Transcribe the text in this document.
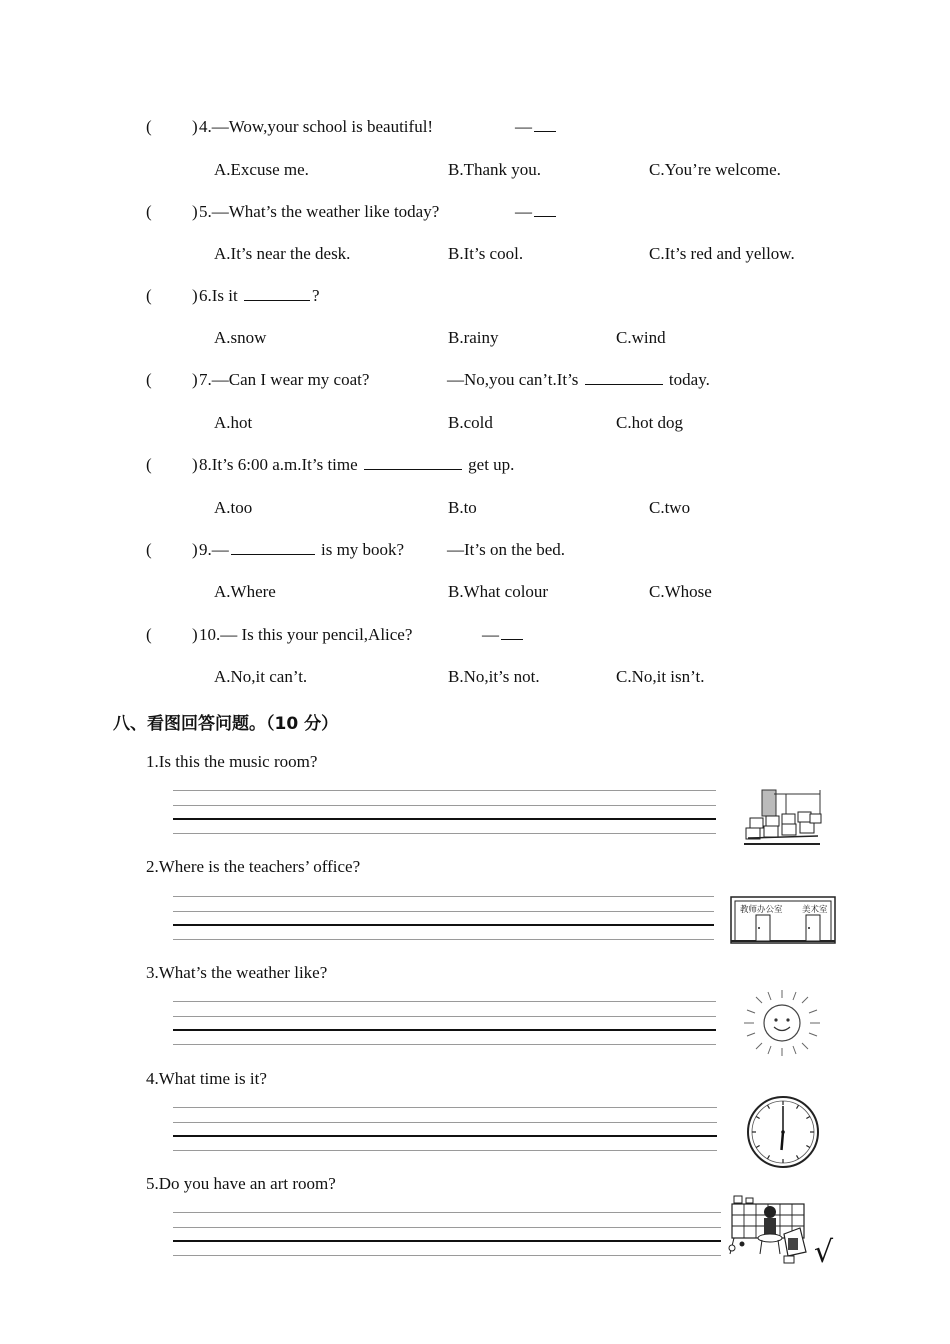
( ) 4.—Wow,your school is beautiful!	—
A.Excuse me.	B.Thank you.	C.You’re welcome.
( ) 5.—What’s the weather like today?	—
A.It’s near the desk.	B.It’s cool.	C.It’s red and yellow.
( ) 6.Is it	?
A.snow	B.rainy	C.wind
( ) 7.—Can I wear my coat?	—No,you can’t.It’s	today.
A.hot	B.cold	C.hot dog
( ) 8.It’s 6:00 a.m.It’s time	get up.
A.too	B.to	C.two
( ) 9.—	is my book?	—It’s on the bed.
A.Where	B.What colour	C.Whose
( ) 10.— Is this your pencil,Alice?	—
A.No,it can’t.	B.No,it’s not.	C.No,it isn’t.
八、看图回答问题。（10 分）
1.Is this the music room?
2.Where is the teachers’ office?
3.What’s the weather like?
4.What time is it?
5.Do you have an art room?
教师办公室 美术室
√
